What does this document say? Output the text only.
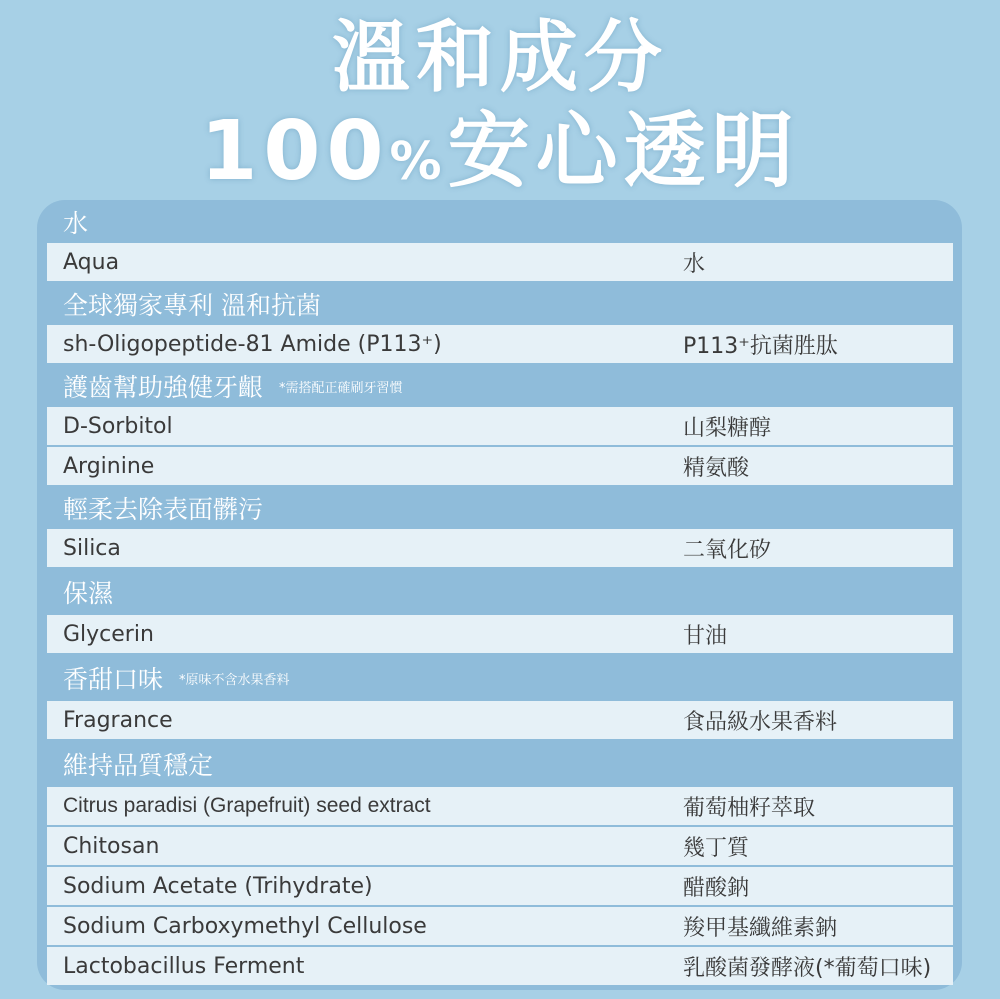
溫和成分
100%安心透明
水
Aqua	水
全球獨家專利 溫和抗菌
sh-Oligopeptide-81 Amide (P113⁺)	P113⁺抗菌胜肽
護齒幫助強健牙齦 *需搭配正確刷牙習慣
D-Sorbitol	山梨糖醇
Arginine	精氨酸
輕柔去除表面髒污
Silica	二氧化矽
保濕
Glycerin	甘油
香甜口味 *原味不含水果香料
Fragrance	食品級水果香料
維持品質穩定
Citrus paradisi (Grapefruit) seed extract	葡萄柚籽萃取
Chitosan	幾丁質
Sodium Acetate (Trihydrate)	醋酸鈉
Sodium Carboxymethyl Cellulose	羧甲基纖維素鈉
Lactobacillus Ferment	乳酸菌發酵液(*葡萄口味)
